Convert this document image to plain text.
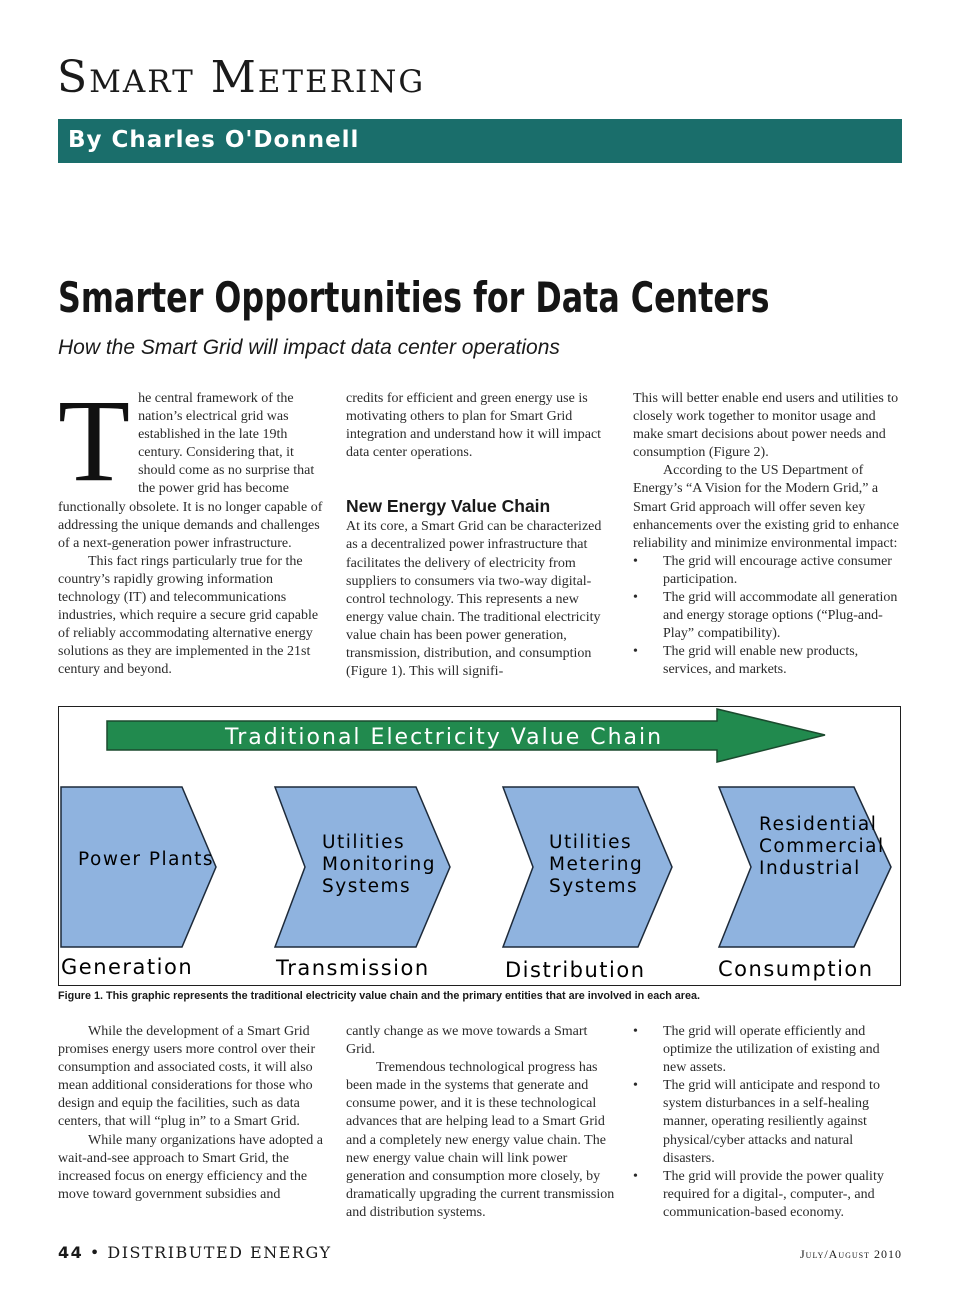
Smart Metering

By Charles O'Donnell

Smarter Opportunities for Data Centers

How the Smart Grid will impact data center operations

T he central framework of the nation’s electrical grid was established in the late 19th century. Considering that, it should come as no surprise that the power grid has become functionally obsolete. It is no longer capable of addressing the unique demands and challenges of a next-generation power infrastructure.

This fact rings particularly true for the country’s rapidly growing information technology (IT) and telecommunications industries, which require a secure grid capable of reliably accommodating alternative energy solutions as they are implemented in the 21st century and beyond.

credits for efficient and green energy use is motivating others to plan for Smart Grid integration and understand how it will impact data center operations.

New Energy Value Chain

At its core, a Smart Grid can be characterized as a decentralized power infrastructure that facilitates the delivery of electricity from suppliers to consumers via two-way digital-control technology. This represents a new energy value chain. The traditional electricity value chain has been power generation, transmission, distribution, and consumption (Figure 1). This will signifi-

This will better enable end users and utilities to closely work together to monitor usage and make smart decisions about power needs and consumption (Figure 2).

According to the US Department of Energy’s “A Vision for the Modern Grid,” a Smart Grid approach will offer seven key enhancements over the existing grid to enhance reliability and minimize environmental impact:

• The grid will encourage active consumer participation.

• The grid will accommodate all generation and energy storage options (“Plug-and-Play” compatibility).

• The grid will enable new products, services, and markets.

Traditional Electricity Value Chain
Power Plants
Utilities
Monitoring
Systems
Utilities
Metering
Systems
Residential
Commercial
Industrial
Generation	Transmission	Distribution	Consumption

Figure 1. This graphic represents the traditional electricity value chain and the primary entities that are involved in each area.

While the development of a Smart Grid promises energy users more control over their consumption and associated costs, it will also mean additional considerations for those who design and equip the facilities, such as data centers, that will “plug in” to a Smart Grid.

While many organizations have adopted a wait-and-see approach to Smart Grid, the increased focus on energy efficiency and the move toward government subsidies and

cantly change as we move towards a Smart Grid.

Tremendous technological progress has been made in the systems that generate and consume power, and it is these technological advances that are helping lead to a Smart Grid and a completely new energy value chain. The new energy value chain will link power generation and consumption more closely, by dramatically upgrading the current transmission and distribution systems.

• The grid will operate efficiently and optimize the utilization of existing and new assets.

• The grid will anticipate and respond to system disturbances in a self-healing manner, operating resiliently against physical/cyber attacks and natural disasters.

• The grid will provide the power quality required for a digital-, computer-, and communication-based economy.

44 • DISTRIBUTED ENERGY	July/August 2010
